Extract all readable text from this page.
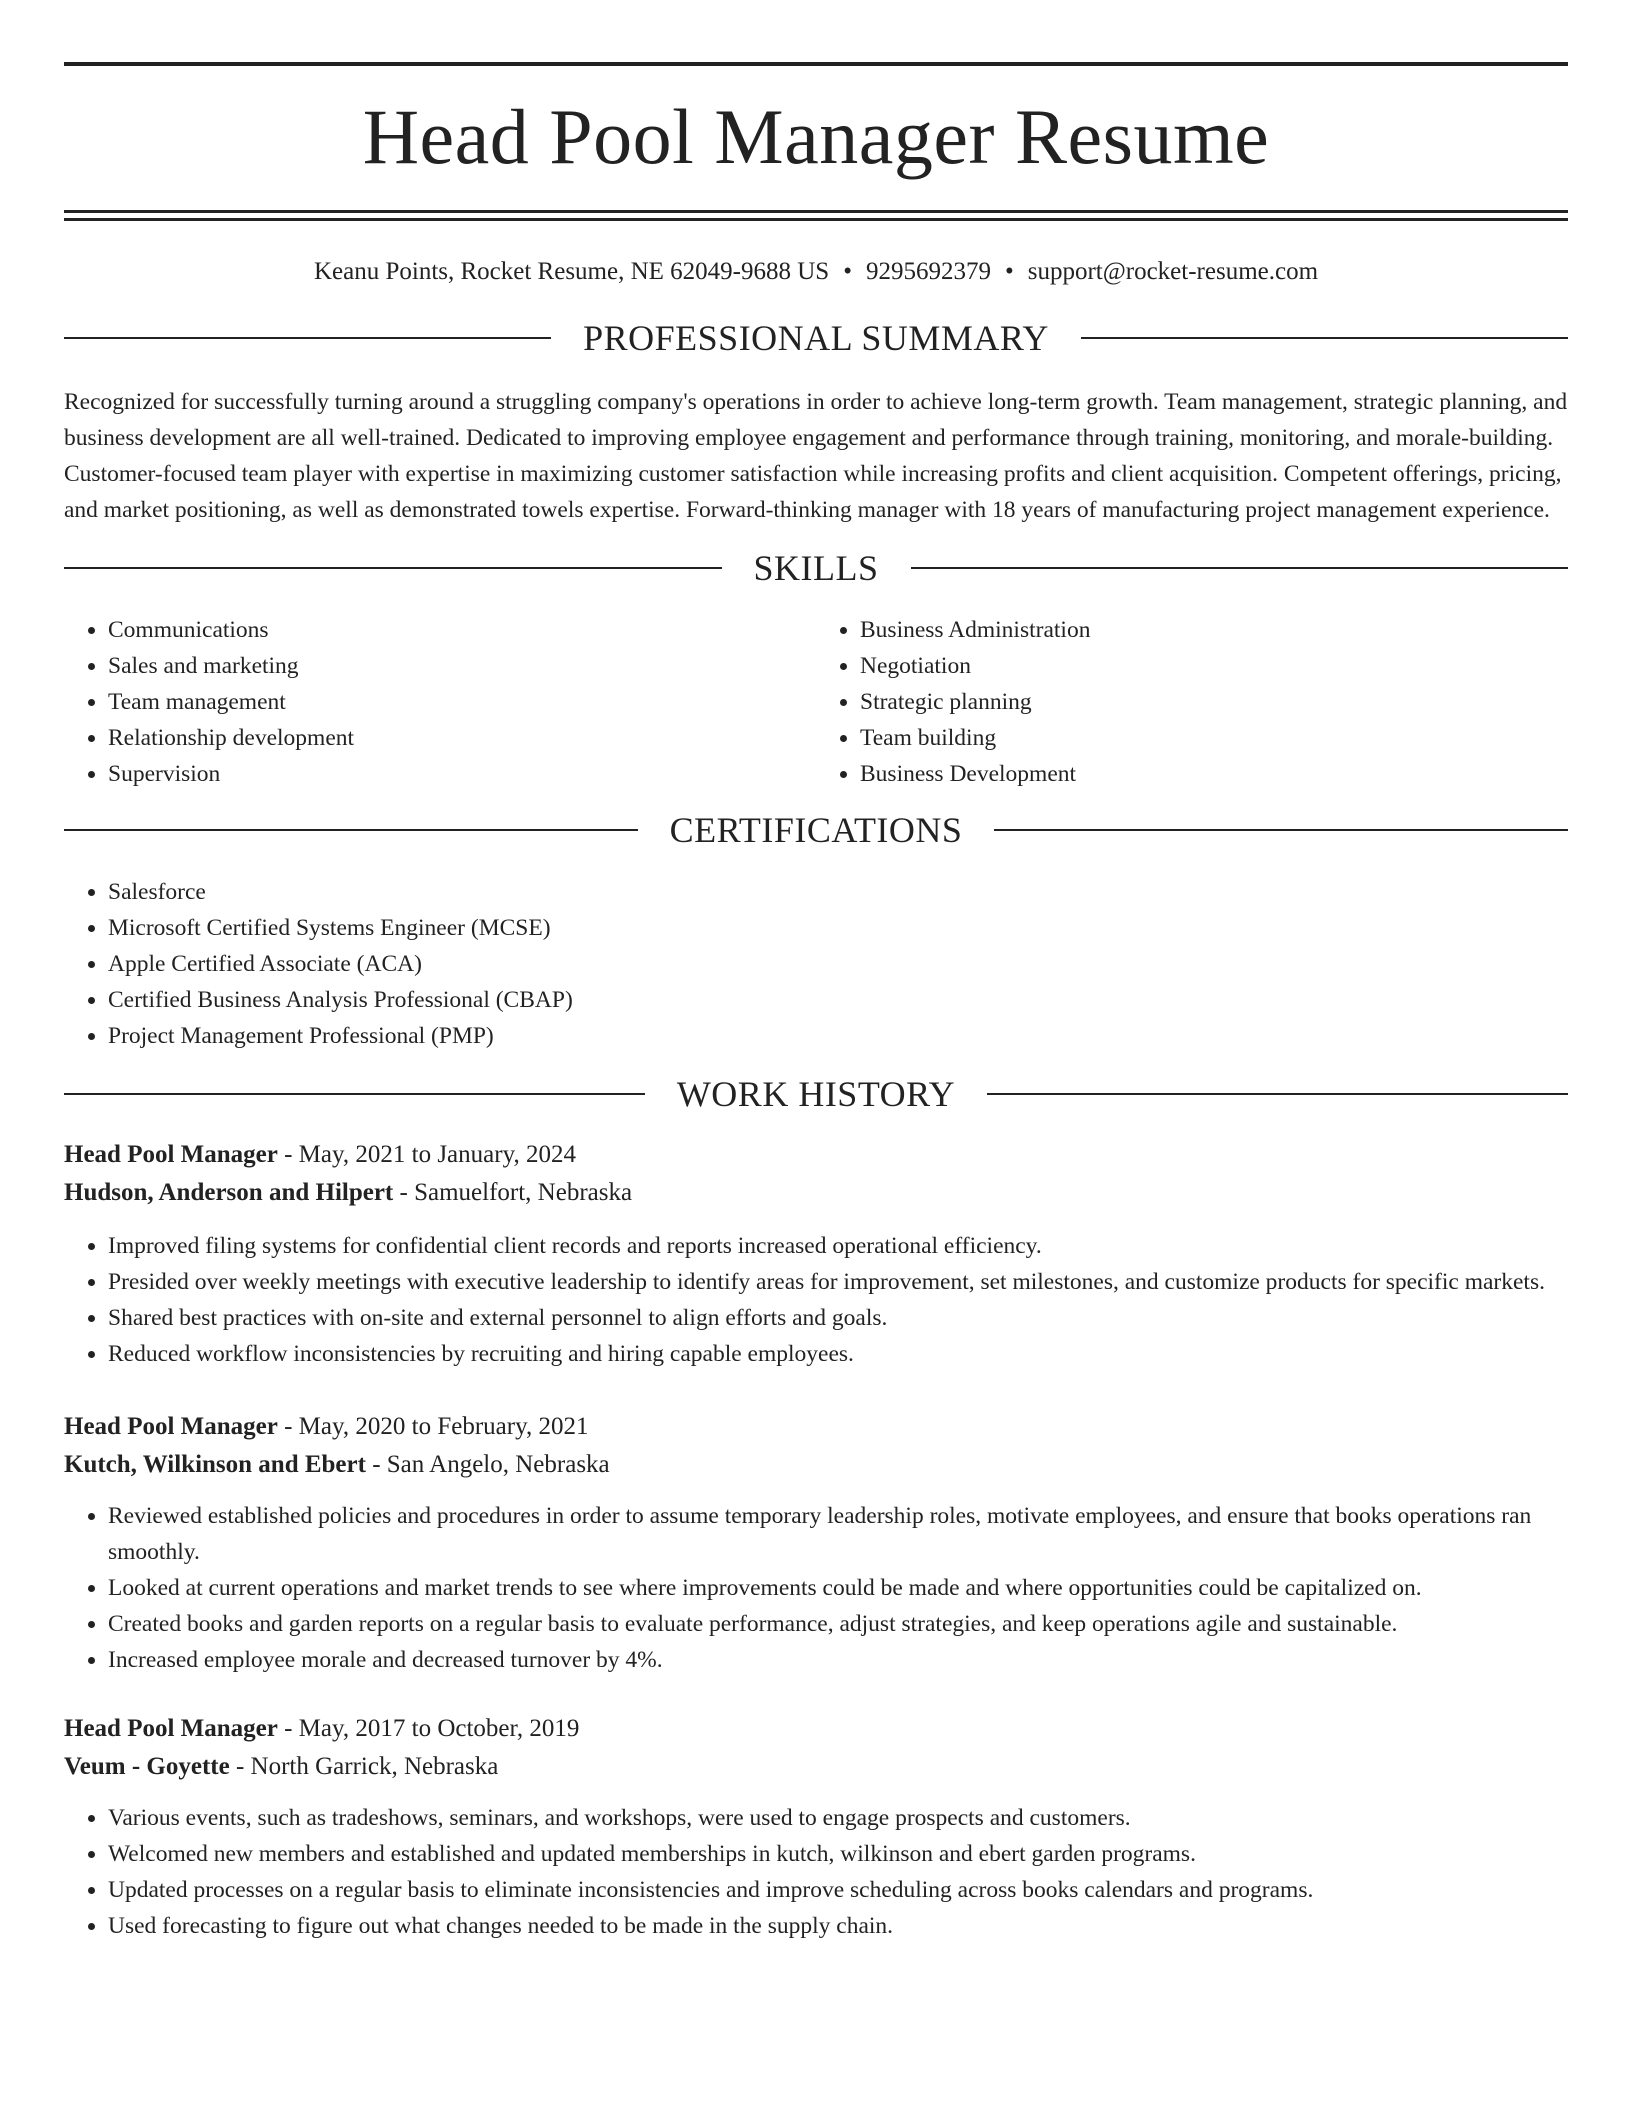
Head Pool Manager Resume
Keanu Points, Rocket Resume, NE 62049-9688 US • 9295692379 • support@rocket-resume.com
PROFESSIONAL SUMMARY

Recognized for successfully turning around a struggling company's operations in order to achieve long-term growth. Team management, strategic planning, and business development are all well-trained. Dedicated to improving employee engagement and performance through training, monitoring, and morale-building. Customer-focused team player with expertise in maximizing customer satisfaction while increasing profits and client acquisition. Competent offerings, pricing, and market positioning, as well as demonstrated towels expertise. Forward-thinking manager with 18 years of manufacturing project management experience.

SKILLS
• Communications
• Sales and marketing
• Team management
• Relationship development
• Supervision
• Business Administration
• Negotiation
• Strategic planning
• Team building
• Business Development
CERTIFICATIONS
• Salesforce
• Microsoft Certified Systems Engineer (MCSE)
• Apple Certified Associate (ACA)
• Certified Business Analysis Professional (CBAP)
• Project Management Professional (PMP)
WORK HISTORY
Head Pool Manager - May, 2021 to January, 2024
Hudson, Anderson and Hilpert - Samuelfort, Nebraska
• Improved filing systems for confidential client records and reports increased operational efficiency.
• Presided over weekly meetings with executive leadership to identify areas for improvement, set milestones, and customize products for specific markets.
• Shared best practices with on-site and external personnel to align efforts and goals.
• Reduced workflow inconsistencies by recruiting and hiring capable employees.
Head Pool Manager - May, 2020 to February, 2021
Kutch, Wilkinson and Ebert - San Angelo, Nebraska
• Reviewed established policies and procedures in order to assume temporary leadership roles, motivate employees, and ensure that books operations ran smoothly.
• Looked at current operations and market trends to see where improvements could be made and where opportunities could be capitalized on.
• Created books and garden reports on a regular basis to evaluate performance, adjust strategies, and keep operations agile and sustainable.
• Increased employee morale and decreased turnover by 4%.
Head Pool Manager - May, 2017 to October, 2019
Veum - Goyette - North Garrick, Nebraska
• Various events, such as tradeshows, seminars, and workshops, were used to engage prospects and customers.
• Welcomed new members and established and updated memberships in kutch, wilkinson and ebert garden programs.
• Updated processes on a regular basis to eliminate inconsistencies and improve scheduling across books calendars and programs.
• Used forecasting to figure out what changes needed to be made in the supply chain.
